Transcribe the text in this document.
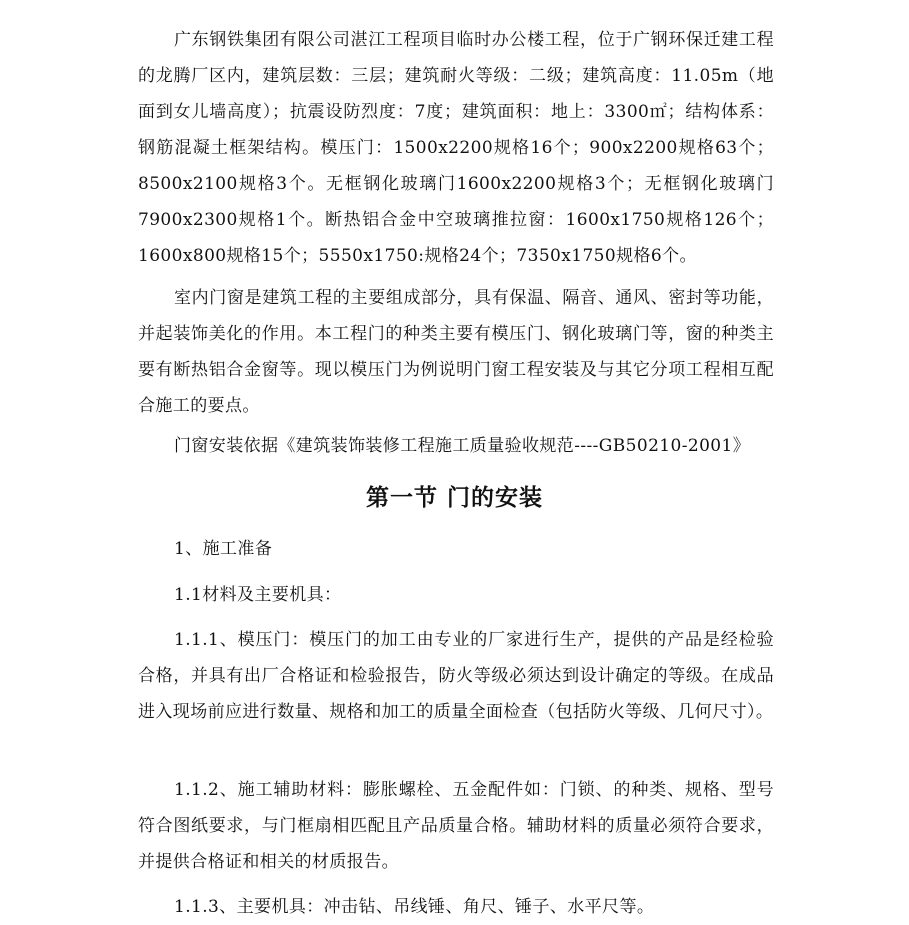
广东钢铁集团有限公司湛江工程项目临时办公楼工程，位于广钢环保迁建工程的龙腾厂区内，建筑层数：三层；建筑耐火等级：二级；建筑高度：11.05m（地面到女儿墙高度）；抗震设防烈度：7度；建筑面积：地上：3300㎡；结构体系：钢筋混凝土框架结构。模压门：1500x2200规格16个；900x2200规格63个；8500x2100规格3个。无框钢化玻璃门1600x2200规格3个；无框钢化玻璃门7900x2300规格1个。断热铝合金中空玻璃推拉窗：1600x1750规格126个；1600x800规格15个；5550x1750:规格24个；7350x1750规格6个。

室内门窗是建筑工程的主要组成部分，具有保温、隔音、通风、密封等功能，并起装饰美化的作用。本工程门的种类主要有模压门、钢化玻璃门等，窗的种类主要有断热铝合金窗等。现以模压门为例说明门窗工程安装及与其它分项工程相互配合施工的要点。

门窗安装依据《建筑装饰装修工程施工质量验收规范----GB50210-2001》

第一节 门的安装

1、施工准备

1.1材料及主要机具：

1.1.1、模压门：模压门的加工由专业的厂家进行生产，提供的产品是经检验合格，并具有出厂合格证和检验报告，防火等级必须达到设计确定的等级。在成品进入现场前应进行数量、规格和加工的质量全面检查（包括防火等级、几何尺寸）。

1.1.2、施工辅助材料：膨胀螺栓、五金配件如：门锁、的种类、规格、型号符合图纸要求，与门框扇相匹配且产品质量合格。辅助材料的质量必须符合要求，并提供合格证和相关的材质报告。

1.1.3、主要机具：冲击钻、吊线锤、角尺、锤子、水平尺等。
